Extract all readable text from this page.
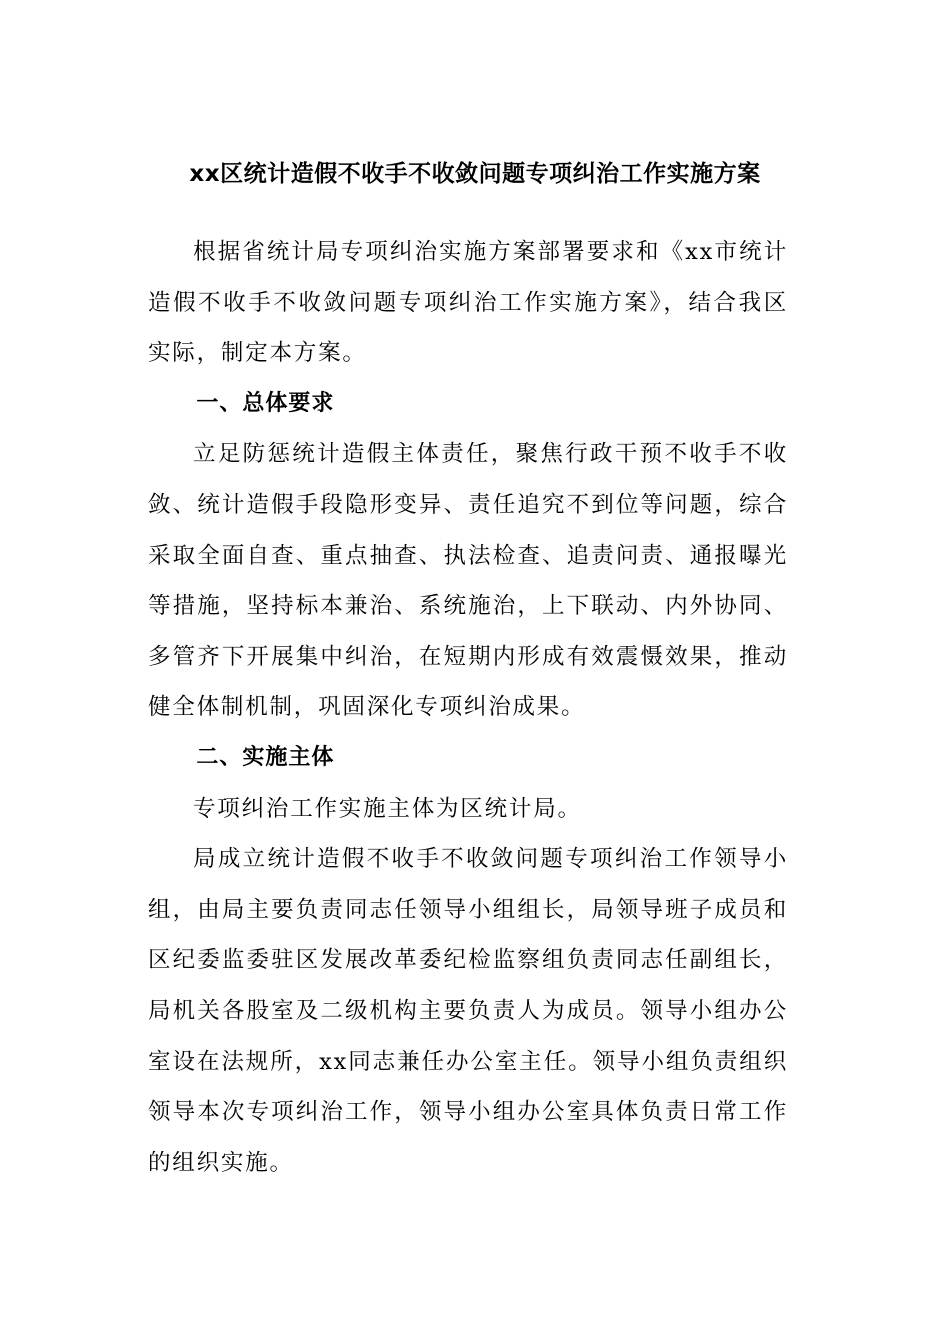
xx区统计造假不收手不收敛问题专项纠治工作实施方案

根据省统计局专项纠治实施方案部署要求和《xx市统计造假不收手不收敛问题专项纠治工作实施方案》，结合我区实际，制定本方案。

一、总体要求

立足防惩统计造假主体责任，聚焦行政干预不收手不收敛、统计造假手段隐形变异、责任追究不到位等问题，综合采取全面自查、重点抽查、执法检查、追责问责、通报曝光等措施，坚持标本兼治、系统施治，上下联动、内外协同、多管齐下开展集中纠治，在短期内形成有效震慑效果，推动健全体制机制，巩固深化专项纠治成果。

二、实施主体

专项纠治工作实施主体为区统计局。

局成立统计造假不收手不收敛问题专项纠治工作领导小组，由局主要负责同志任领导小组组长，局领导班子成员和区纪委监委驻区发展改革委纪检监察组负责同志任副组长，局机关各股室及二级机构主要负责人为成员。领导小组办公室设在法规所，xx同志兼任办公室主任。领导小组负责组织领导本次专项纠治工作，领导小组办公室具体负责日常工作的组织实施。
